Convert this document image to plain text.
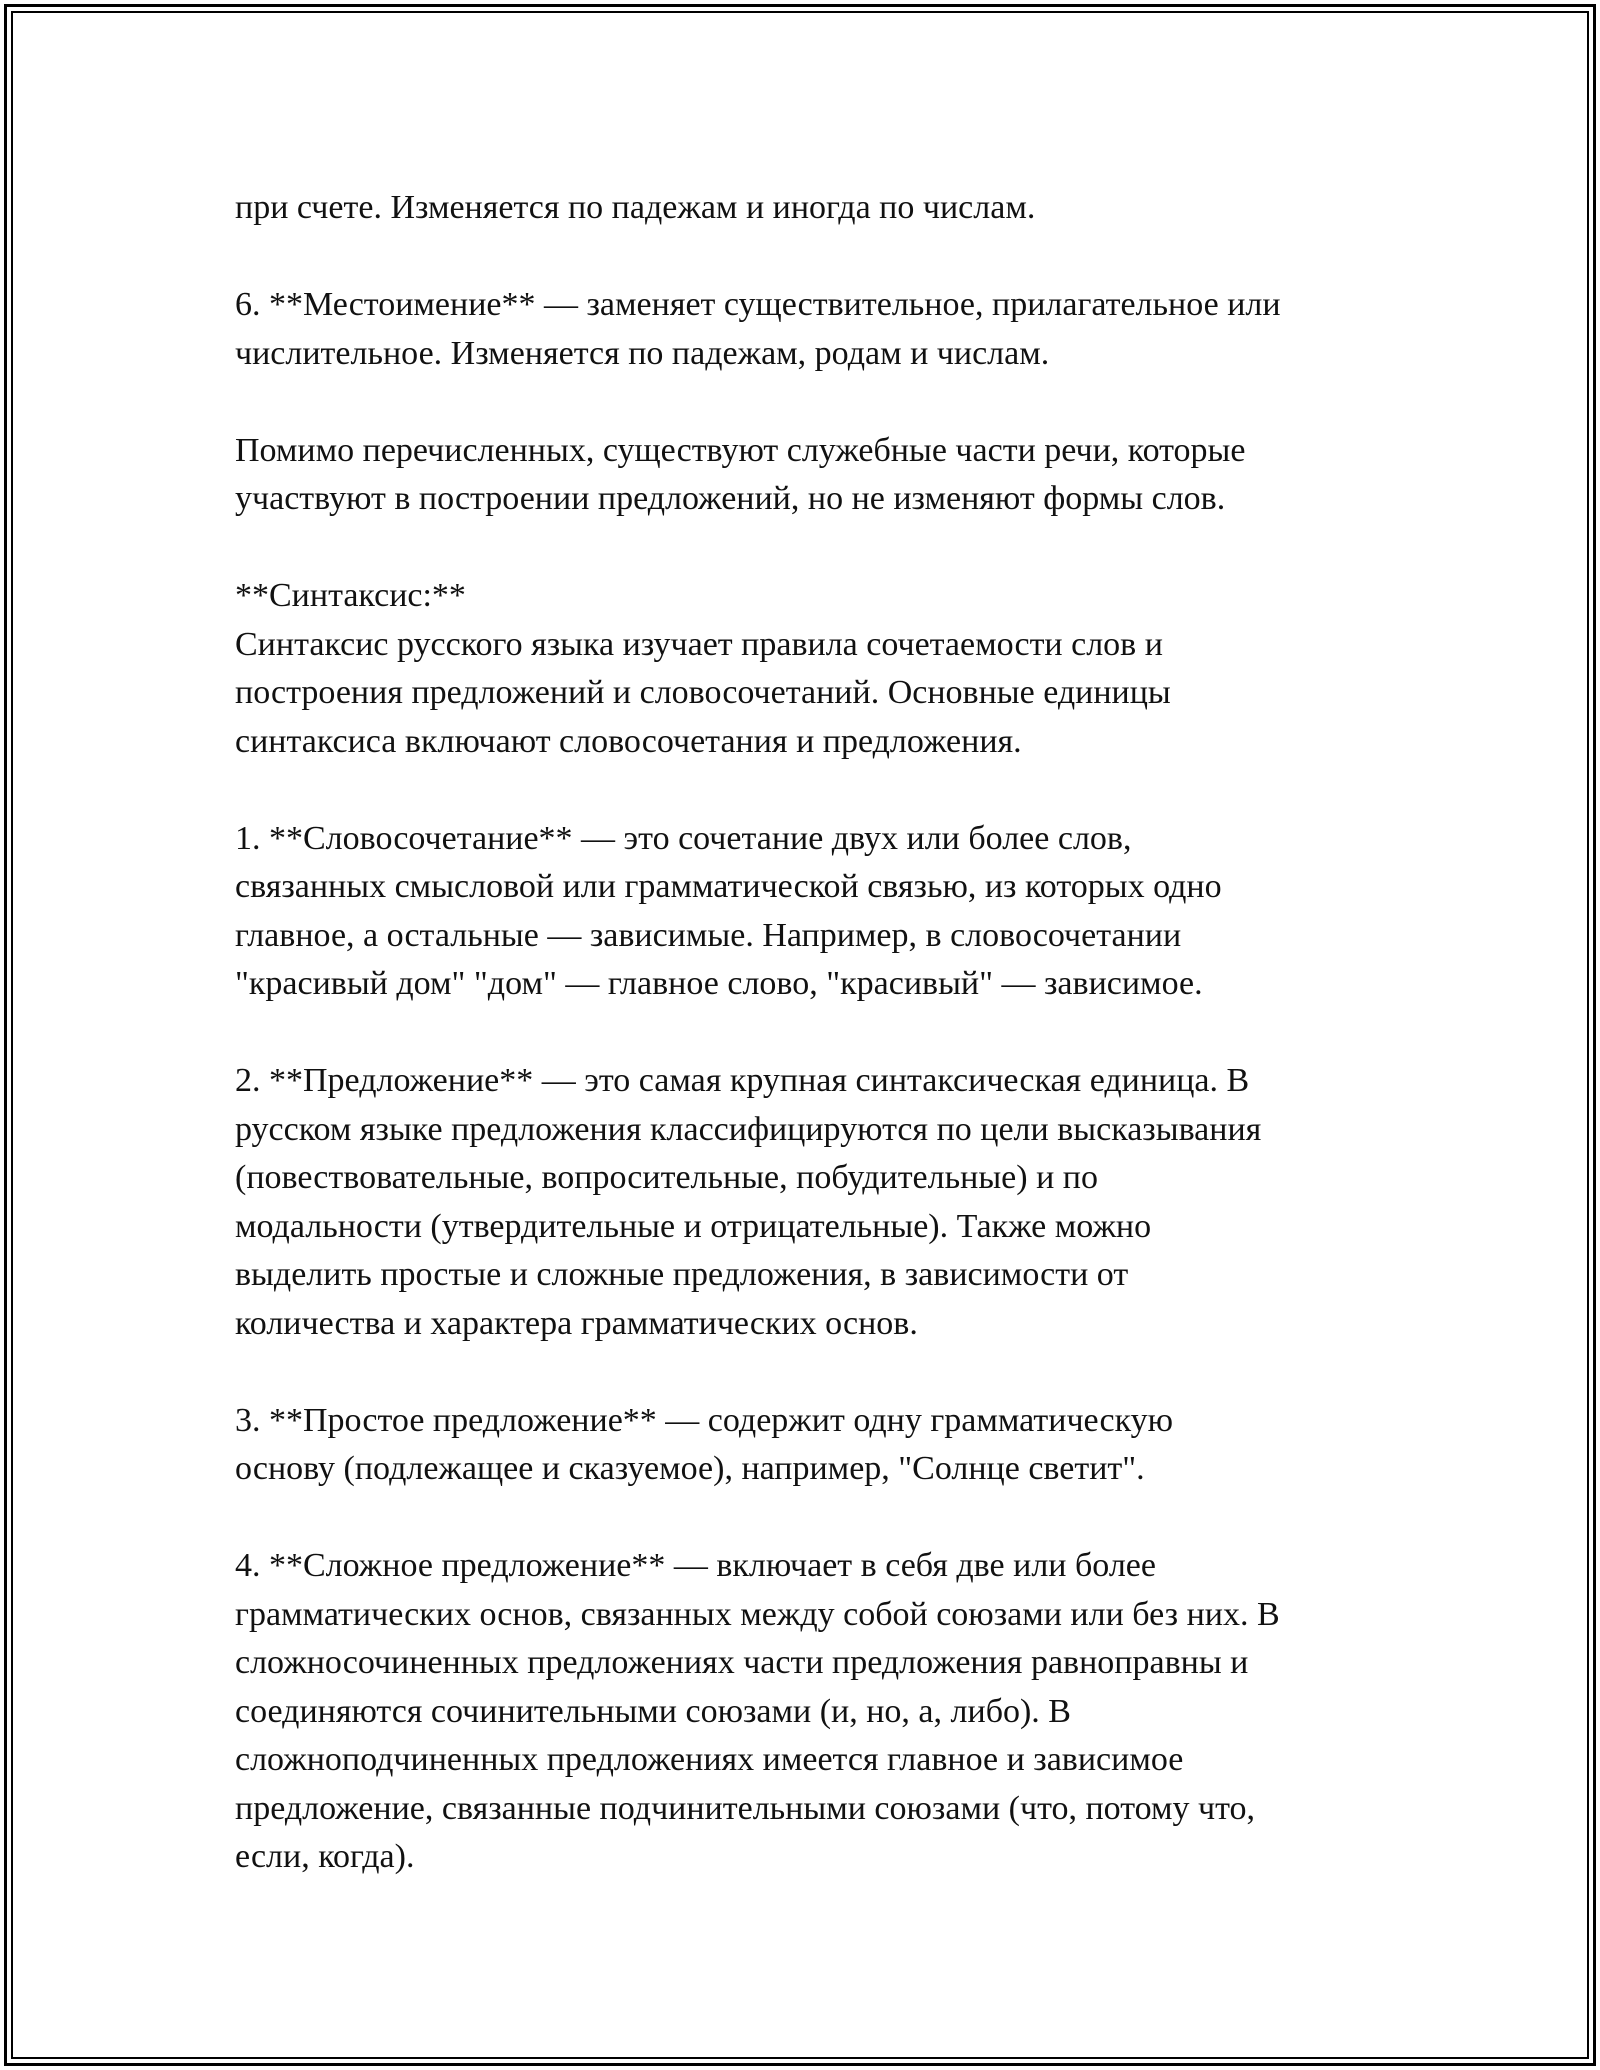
при счете. Изменяется по падежам и иногда по числам.

6. **Местоимение** — заменяет существительное, прилагательное или
числительное. Изменяется по падежам, родам и числам.

Помимо перечисленных, существуют служебные части речи, которые
участвуют в построении предложений, но не изменяют формы слов.

**Синтаксис:**
Синтаксис русского языка изучает правила сочетаемости слов и
построения предложений и словосочетаний. Основные единицы
синтаксиса включают словосочетания и предложения.

1. **Словосочетание** — это сочетание двух или более слов,
связанных смысловой или грамматической связью, из которых одно
главное, а остальные — зависимые. Например, в словосочетании
"красивый дом" "дом" — главное слово, "красивый" — зависимое.

2. **Предложение** — это самая крупная синтаксическая единица. В
русском языке предложения классифицируются по цели высказывания
(повествовательные, вопросительные, побудительные) и по
модальности (утвердительные и отрицательные). Также можно
выделить простые и сложные предложения, в зависимости от
количества и характера грамматических основ.

3. **Простое предложение** — содержит одну грамматическую
основу (подлежащее и сказуемое), например, "Солнце светит".

4. **Сложное предложение** — включает в себя две или более
грамматических основ, связанных между собой союзами или без них. В
сложносочиненных предложениях части предложения равноправны и
соединяются сочинительными союзами (и, но, а, либо). В
сложноподчиненных предложениях имеется главное и зависимое
предложение, связанные подчинительными союзами (что, потому что,
если, когда).
